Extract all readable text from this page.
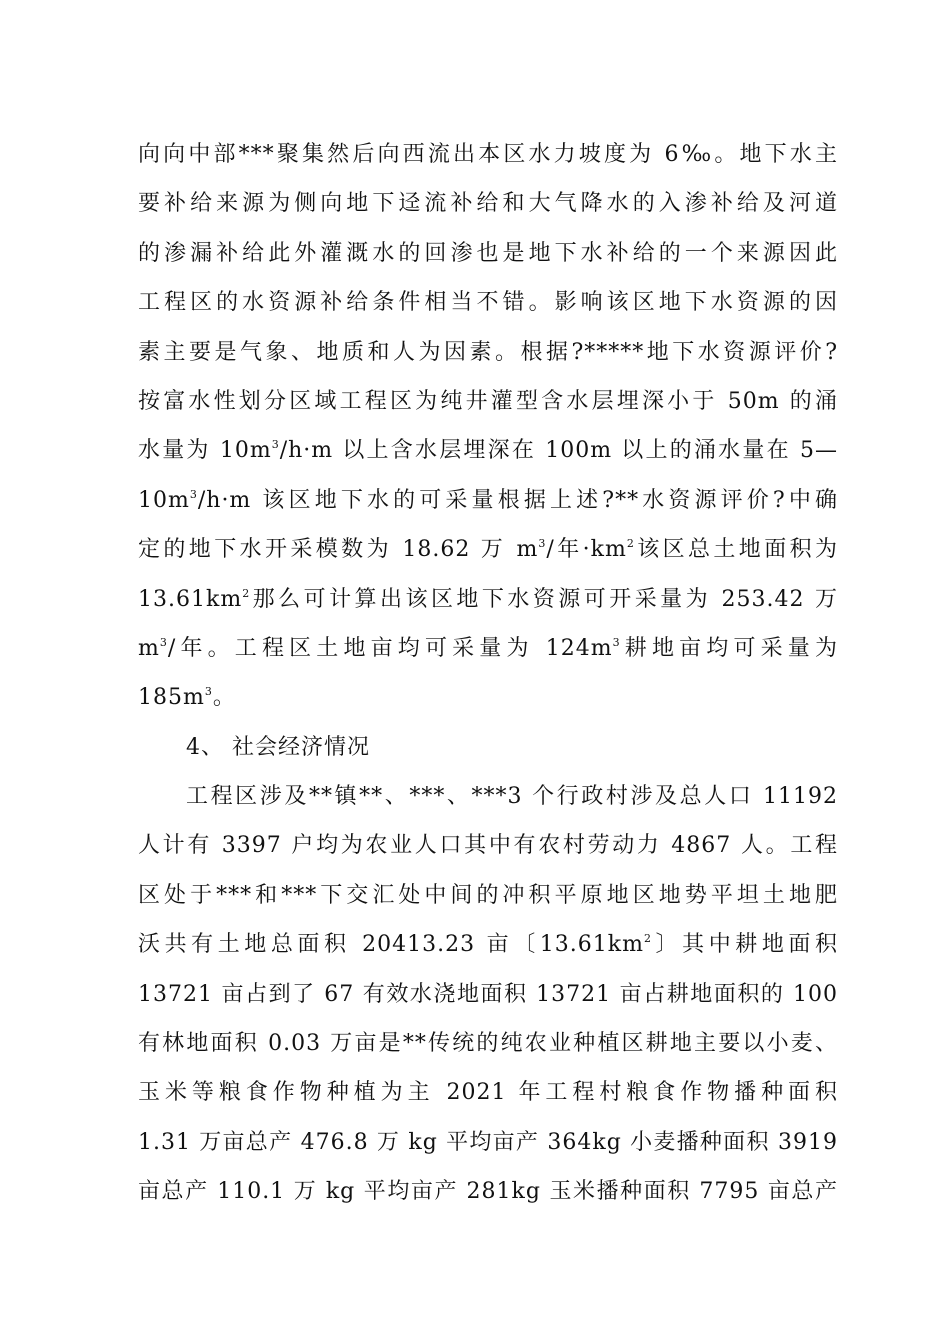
向向中部***聚集然后向西流出本区水力坡度为 6‰。地下水主
要补给来源为侧向地下迳流补给和大气降水的入渗补给及河道
的渗漏补给此外灌溉水的回渗也是地下水补给的一个来源因此
工程区的水资源补给条件相当不错。影响该区地下水资源的因
素主要是气象、地质和人为因素。根据?*****地下水资源评价?
按富水性划分区域工程区为纯井灌型含水层埋深小于 50m 的涌
水量为 $10m^3/h\cdot m$ 以上含水层埋深在 100m 以上的涌水量在 5—
$10m^3/h\cdot m$ 该区地下水的可采量根据上述?**水资源评价?中确
定的地下水开采模数为 18.62 万 $m^3/$年$\cdot km^2$该区总土地面积为
$13.61km^2$那么可计算出该区地下水资源可开采量为 253.42 万
$m^3/$年。工程区土地亩均可采量为 $124m^3$耕地亩均可采量为
$185m^3$。
4、 社会经济情况
工程区涉及**镇**、***、***3 个行政村涉及总人口 11192
人计有 3397 户均为农业人口其中有农村劳动力 4867 人。工程
区处于***和***下交汇处中间的冲积平原地区地势平坦土地肥
沃共有土地总面积 20413.23 亩〔$13.61km^2$〕其中耕地面积
13721 亩占到了 67 有效水浇地面积 13721 亩占耕地面积的 100
有林地面积 0.03 万亩是**传统的纯农业种植区耕地主要以小麦、
玉米等粮食作物种植为主 2021 年工程村粮食作物播种面积
1.31 万亩总产 476.8 万 kg 平均亩产 364kg 小麦播种面积 3919
亩总产 110.1 万 kg 平均亩产 281kg 玉米播种面积 7795 亩总产
